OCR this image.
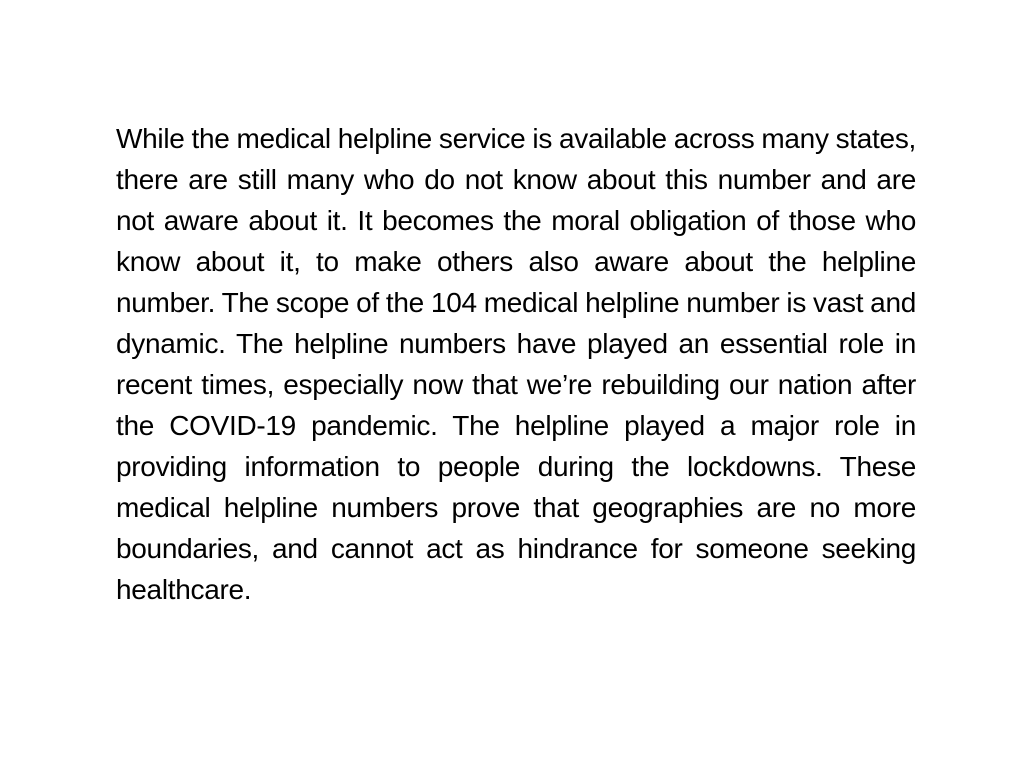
While the medical helpline service is available across many states, there are still many who do not know about this number and are not aware about it. It becomes the moral obligation of those who know about it, to make others also aware about the helpline number. The scope of the 104 medical helpline number is vast and dynamic. The helpline numbers have played an essential role in recent times, especially now that we’re rebuilding our nation after the COVID-19 pandemic. The helpline played a major role in providing information to people during the lockdowns. These medical helpline numbers prove that geographies are no more boundaries, and cannot act as hindrance for someone seeking healthcare.
